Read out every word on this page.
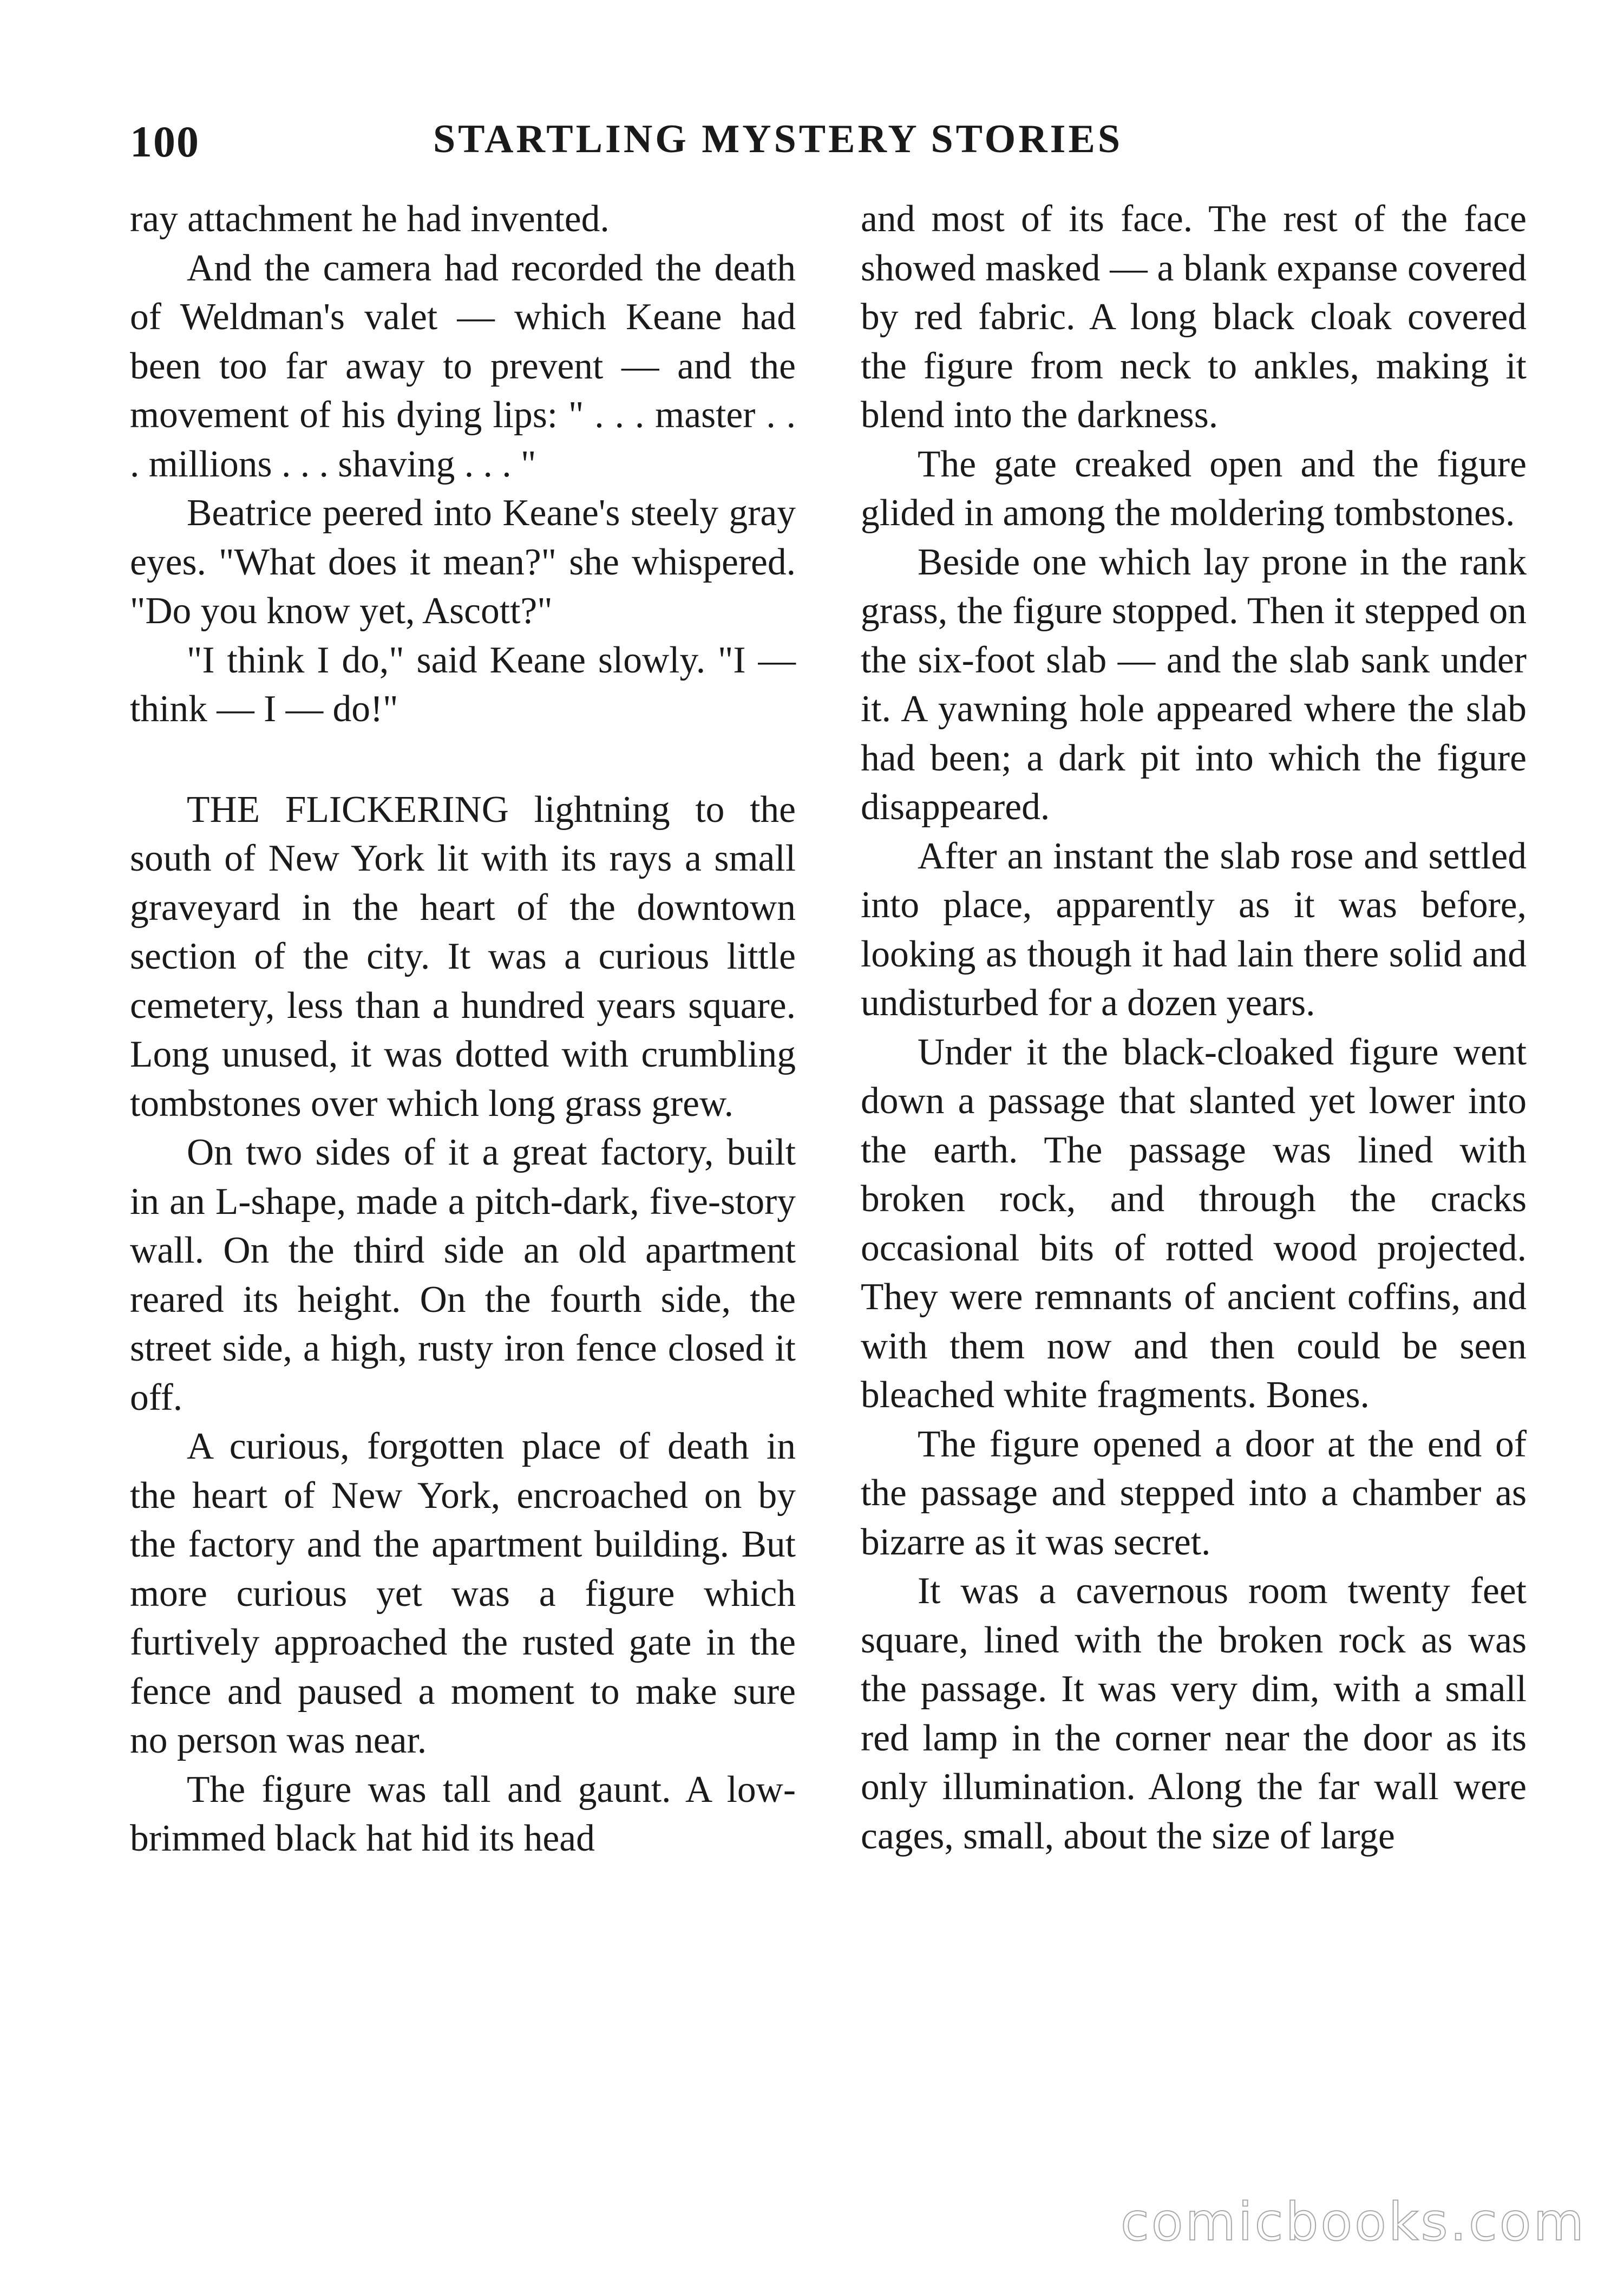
100	STARTLING MYSTERY STORIES

ray attachment he had invented.

And the camera had recorded the death of Weldman's valet — which Keane had been too far away to prevent — and the movement of his dying lips: " . . . master . . . millions . . . shaving . . . "

Beatrice peered into Keane's steely gray eyes. "What does it mean?" she whispered. "Do you know yet, Ascott?"

"I think I do," said Keane slowly. "I — think — I — do!"

THE FLICKERING lightning to the south of New York lit with its rays a small graveyard in the heart of the downtown section of the city. It was a curious little cemetery, less than a hundred years square. Long unused, it was dotted with crumbling tombstones over which long grass grew.

On two sides of it a great factory, built in an L-shape, made a pitch-dark, five-story wall. On the third side an old apartment reared its height. On the fourth side, the street side, a high, rusty iron fence closed it off.

A curious, forgotten place of death in the heart of New York, encroached on by the factory and the apartment building. But more curious yet was a figure which furtively approached the rusted gate in the fence and paused a moment to make sure no person was near.

The figure was tall and gaunt. A low-brimmed black hat hid its head

and most of its face. The rest of the face showed masked — a blank expanse covered by red fabric. A long black cloak covered the figure from neck to ankles, making it blend into the darkness.

The gate creaked open and the figure glided in among the moldering tombstones.

Beside one which lay prone in the rank grass, the figure stopped. Then it stepped on the six-foot slab — and the slab sank under it. A yawning hole appeared where the slab had been; a dark pit into which the figure disappeared.

After an instant the slab rose and settled into place, apparently as it was before, looking as though it had lain there solid and undisturbed for a dozen years.

Under it the black-cloaked figure went down a passage that slanted yet lower into the earth. The passage was lined with broken rock, and through the cracks occasional bits of rotted wood projected. They were remnants of ancient coffins, and with them now and then could be seen bleached white fragments. Bones.

The figure opened a door at the end of the passage and stepped into a chamber as bizarre as it was secret.

It was a cavernous room twenty feet square, lined with the broken rock as was the passage. It was very dim, with a small red lamp in the corner near the door as its only illumination. Along the far wall were cages, small, about the size of large

comicbooks.com
